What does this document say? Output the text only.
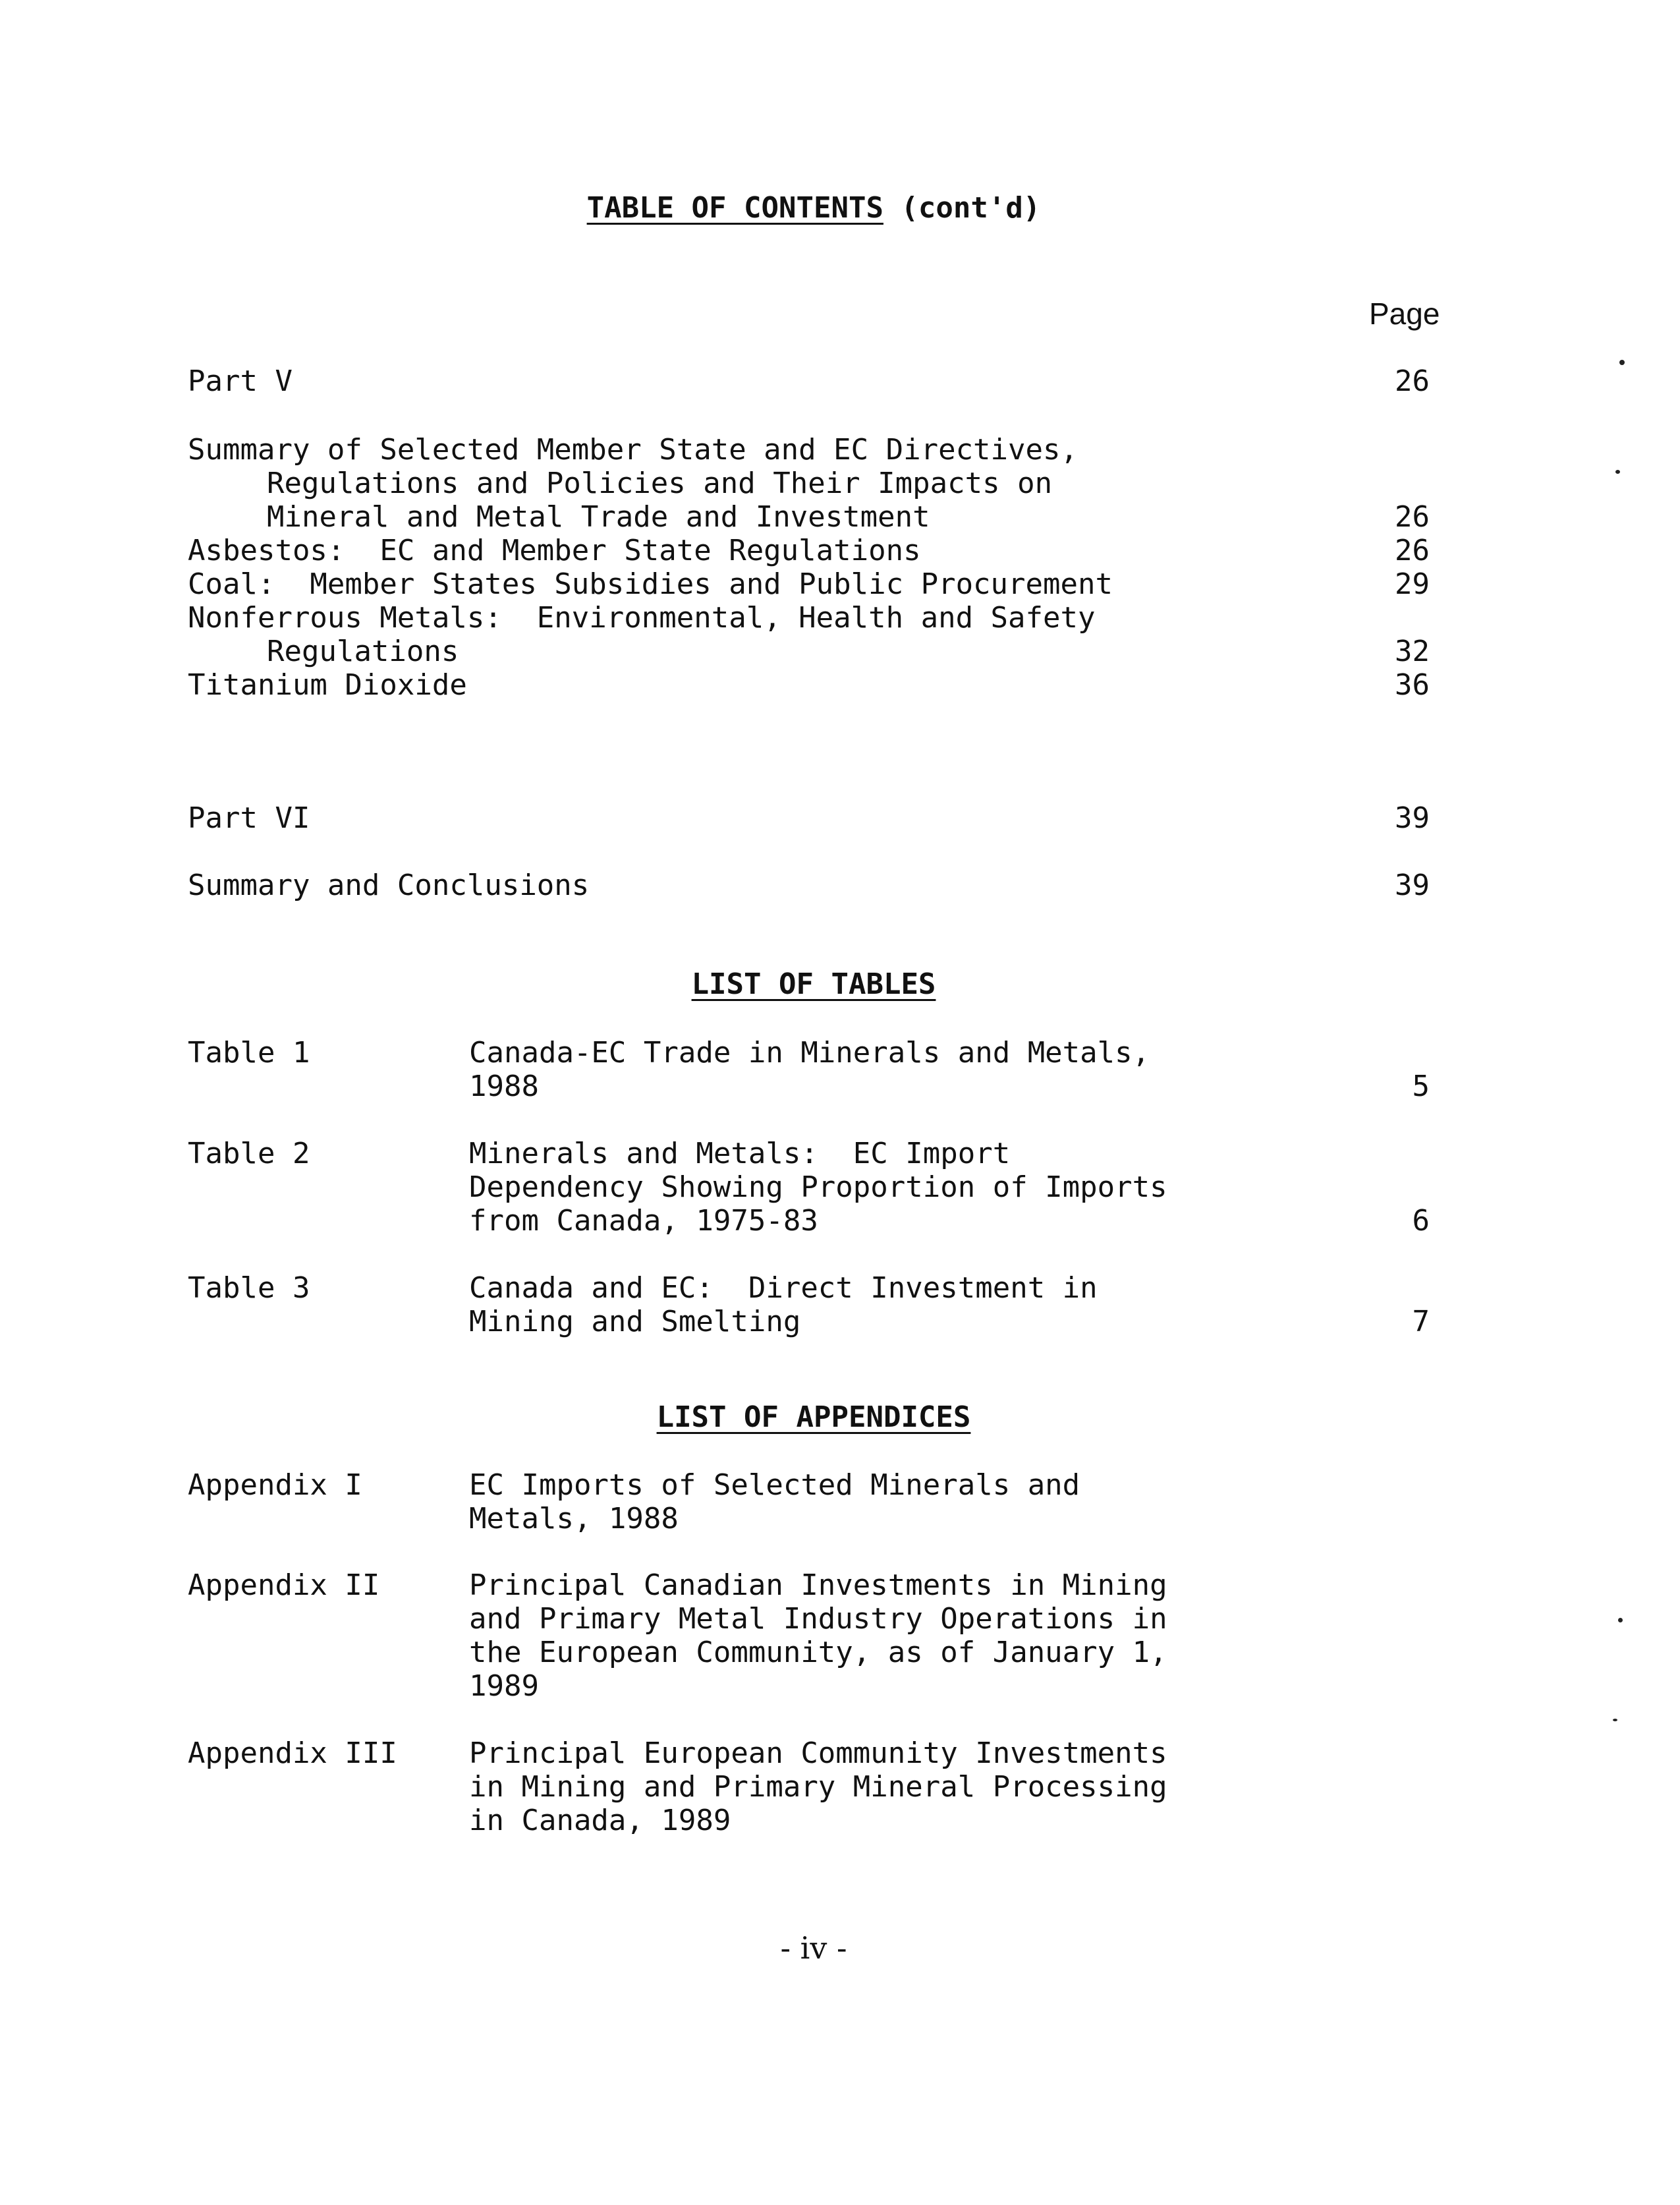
TABLE OF CONTENTS (cont'd)
Page
Part V	26
Summary of Selected Member State and EC Directives,
Regulations and Policies and Their Impacts on
Mineral and Metal Trade and Investment	26
Asbestos:  EC and Member State Regulations	26
Coal:  Member States Subsidies and Public Procurement	29
Nonferrous Metals:  Environmental, Health and Safety
Regulations	32
Titanium Dioxide	36
Part VI	39
Summary and Conclusions	39
LIST OF TABLES
Table 1	Canada-EC Trade in Minerals and Metals,
1988	5
Table 2	Minerals and Metals:  EC Import
Dependency Showing Proportion of Imports
from Canada, 1975-83	6
Table 3	Canada and EC:  Direct Investment in
Mining and Smelting	7
LIST OF APPENDICES
Appendix I	EC Imports of Selected Minerals and
Metals, 1988
Appendix II	Principal Canadian Investments in Mining
and Primary Metal Industry Operations in
the European Community, as of January 1,
1989
Appendix III Principal European Community Investments
in Mining and Primary Mineral Processing
in Canada, 1989
- iv -
